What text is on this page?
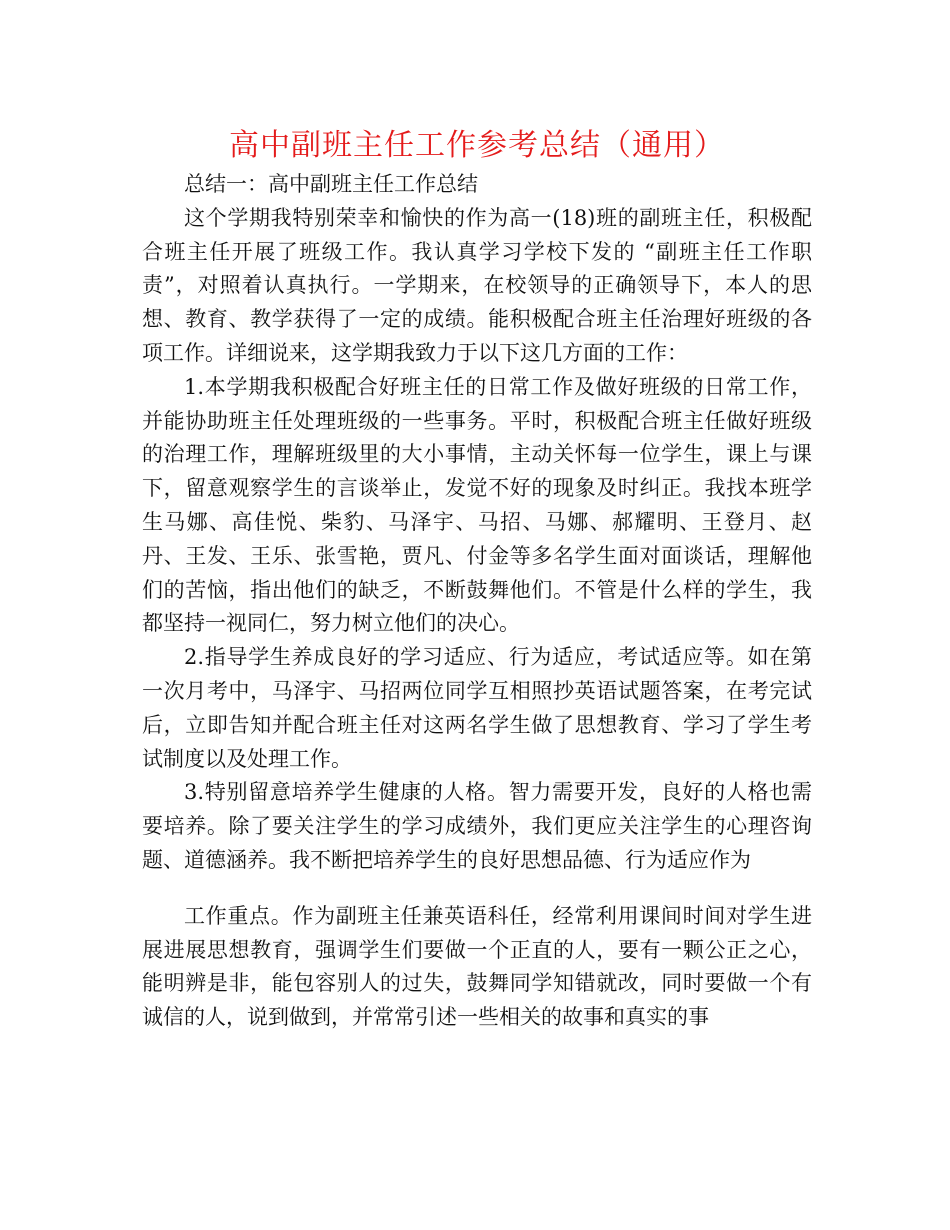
高中副班主任工作参考总结（通用）

总结一：高中副班主任工作总结

这个学期我特别荣幸和愉快的作为高一(18)班的副班主任，积极配合班主任开展了班级工作。我认真学习学校下发的 “副班主任工作职责”，对照着认真执行。一学期来，在校领导的正确领导下，本人的思想、教育、教学获得了一定的成绩。能积极配合班主任治理好班级的各项工作。详细说来，这学期我致力于以下这几方面的工作：

1.本学期我积极配合好班主任的日常工作及做好班级的日常工作，并能协助班主任处理班级的一些事务。平时，积极配合班主任做好班级的治理工作，理解班级里的大小事情，主动关怀每一位学生，课上与课下，留意观察学生的言谈举止，发觉不好的现象及时纠正。我找本班学生马娜、高佳悦、柴豹、马泽宇、马招、马娜、郝耀明、王登月、赵丹、王发、王乐、张雪艳，贾凡、付金等多名学生面对面谈话，理解他们的苦恼，指出他们的缺乏，不断鼓舞他们。不管是什么样的学生，我都坚持一视同仁，努力树立他们的决心。

2.指导学生养成良好的学习适应、行为适应，考试适应等。如在第一次月考中，马泽宇、马招两位同学互相照抄英语试题答案，在考完试后，立即告知并配合班主任对这两名学生做了思想教育、学习了学生考试制度以及处理工作。

3.特别留意培养学生健康的人格。智力需要开发，良好的人格也需要培养。除了要关注学生的学习成绩外，我们更应关注学生的心理咨询题、道德涵养。我不断把培养学生的良好思想品德、行为适应作为

工作重点。作为副班主任兼英语科任，经常利用课间时间对学生进展进展思想教育，强调学生们要做一个正直的人，要有一颗公正之心，能明辨是非，能包容别人的过失，鼓舞同学知错就改，同时要做一个有诚信的人，说到做到，并常常引述一些相关的故事和真实的事
